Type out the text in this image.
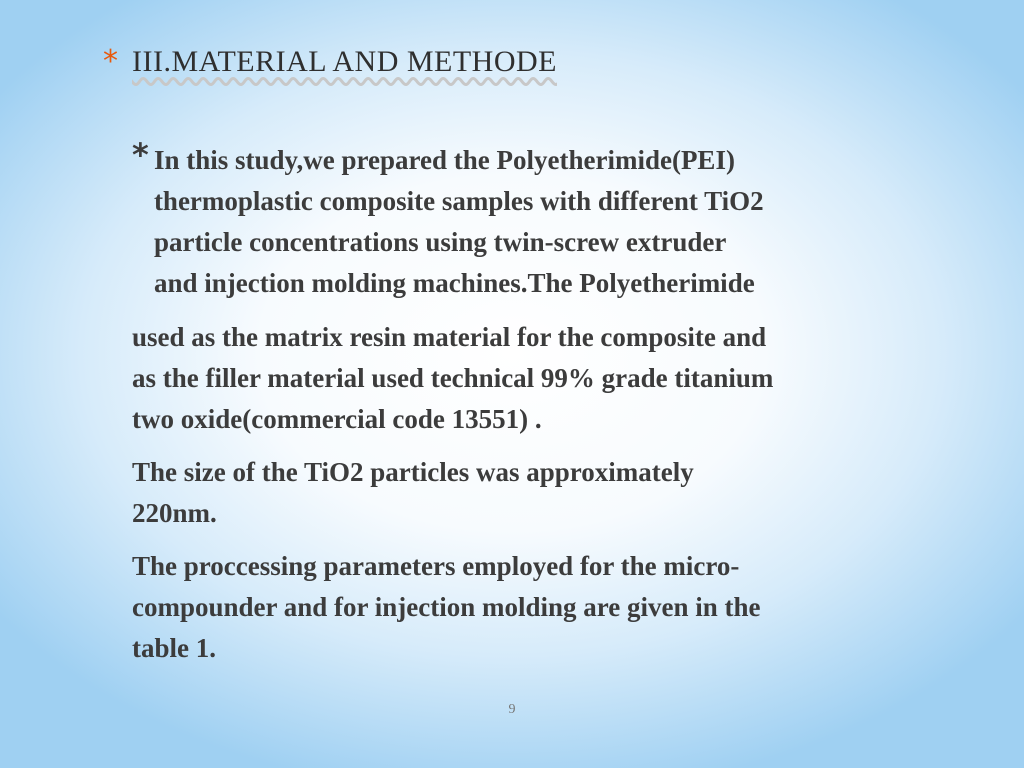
* III.MATERIAL AND METHODE
* In this study,we prepared the Polyetherimide(PEI)
thermoplastic composite samples with different TiO2
particle concentrations using twin-screw extruder
and injection molding machines.The Polyetherimide
used as the matrix resin material for the composite and
as the filler material used technical 99% grade titanium
two oxide(commercial code 13551) .
The size of the TiO2 particles was approximately
220nm.
The proccessing parameters employed for the micro-
compounder and for injection molding are given in the
table 1.
9
